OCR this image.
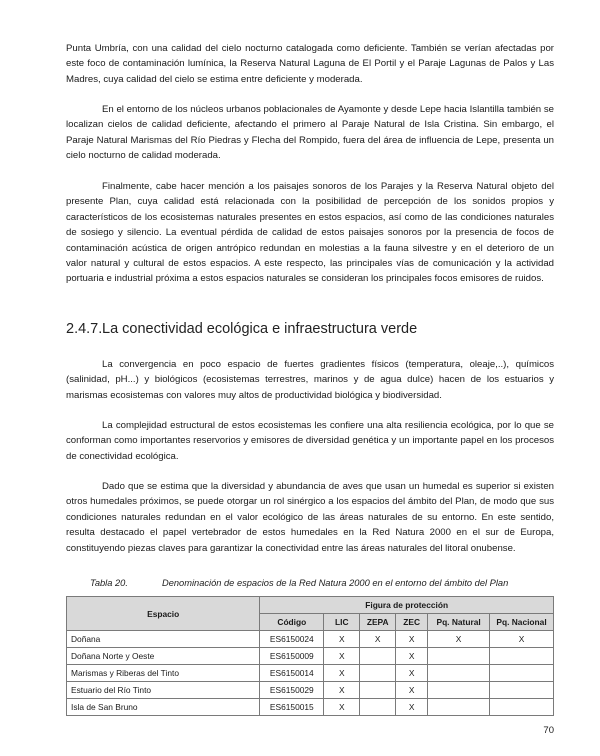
Punta Umbría, con una calidad del cielo nocturno catalogada como deficiente. También se verían afectadas por este foco de contaminación lumínica, la Reserva Natural Laguna de El Portil y el Paraje Lagunas de Palos y Las Madres, cuya calidad del cielo se estima entre deficiente y moderada.

En el entorno de los núcleos urbanos poblacionales de Ayamonte y desde Lepe hacia Islantilla también se localizan cielos de calidad deficiente, afectando el primero al Paraje Natural de Isla Cristina. Sin embargo, el Paraje Natural Marismas del Río Piedras y Flecha del Rompido, fuera del área de influencia de Lepe, presenta un cielo nocturno de calidad moderada.

Finalmente, cabe hacer mención a los paisajes sonoros de los Parajes y la Reserva Natural objeto del presente Plan, cuya calidad está relacionada con la posibilidad de percepción de los sonidos propios y característicos de los ecosistemas naturales presentes en estos espacios, así como de las condiciones naturales de sosiego y silencio. La eventual pérdida de calidad de estos paisajes sonoros por la presencia de focos de contaminación acústica de origen antrópico redundan en molestias a la fauna silvestre y en el deterioro de un valor natural y cultural de estos espacios. A este respecto, las principales vías de comunicación y la actividad portuaria e industrial próxima a estos espacios naturales se consideran los principales focos emisores de ruidos.

2.4.7.La conectividad ecológica e infraestructura verde

La convergencia en poco espacio de fuertes gradientes físicos (temperatura, oleaje,..), químicos (salinidad, pH...) y biológicos (ecosistemas terrestres, marinos y de agua dulce) hacen de los estuarios y marismas ecosistemas con valores muy altos de productividad biológica y biodiversidad.

La complejidad estructural de estos ecosistemas les confiere una alta resiliencia ecológica, por lo que se conforman como importantes reservorios y emisores de diversidad genética y un importante papel en los procesos de conectividad ecológica.

Dado que se estima que la diversidad y abundancia de aves que usan un humedal es superior si existen otros humedales próximos, se puede otorgar un rol sinérgico a los espacios del ámbito del Plan, de modo que sus condiciones naturales redundan en el valor ecológico de las áreas naturales de su entorno. En este sentido, resulta destacado el papel vertebrador de estos humedales en la Red Natura 2000 en el sur de Europa, constituyendo piezas claves para garantizar la conectividad entre las áreas naturales del litoral onubense.

Tabla 20.	Denominación de espacios de la Red Natura 2000 en el entorno del ámbito del Plan

Espacio	Figura de protección					
	Código	LIC	ZEPA	ZEC	Pq. Natural	Pq. Nacional
Doñana	ES6150024	X	X	X	X	X
Doñana Norte y Oeste	ES6150009	X		X		
Marismas y Riberas del Tinto	ES6150014	X		X		
Estuario del Río Tinto	ES6150029	X		X		
Isla de San Bruno	ES6150015	X		X		

70
